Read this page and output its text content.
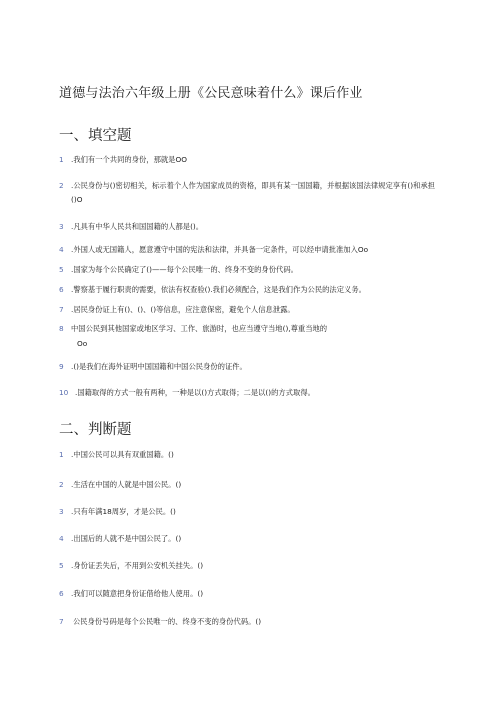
道德与法治六年级上册《公民意味着什么》课后作业
一、填空题
1 .我们有一个共同的身份，那就是OO
2 .公民身份与()密切相关，标示着个人作为国家成员的资格，即具有某一国国籍，并根据该国法律规定享有()和承担()O
3 .凡具有中华人民共和国国籍的人都是()。
4 .外国人或无国籍人，愿意遵守中国的宪法和法律，并具备一定条件，可以经申请批准加入Oo
5 .国家为每个公民确定了()——每个公民唯一的、终身不变的身份代码。
6 .警察基于履行职责的需要，依法有权查验().我们必须配合，这是我们作为公民的法定义务。
7 .居民身份证上有()、()、()等信息，应注意保密，避免个人信息泄露。
8 中国公民到其他国家或地区学习、工作、旅游时，也应当遵守当地(),尊重当地的
Oo
9 .()是我们在海外证明中国国籍和中国公民身份的证件。
10 .国籍取得的方式一般有两种，一种是以()方式取得；二是以()的方式取得。
二、判断题
1 .中国公民可以具有双重国籍。()
2 .生活在中国的人就是中国公民。()
3 .只有年满18周岁，才是公民。()
4 .出国后的人就不是中国公民了。()
5 .身份证丢失后，不用到公安机关挂失。()
6 .我们可以随意把身份证借给他人使用。()
7 公民身份号码是每个公民唯一的、终身不变的身份代码。()
